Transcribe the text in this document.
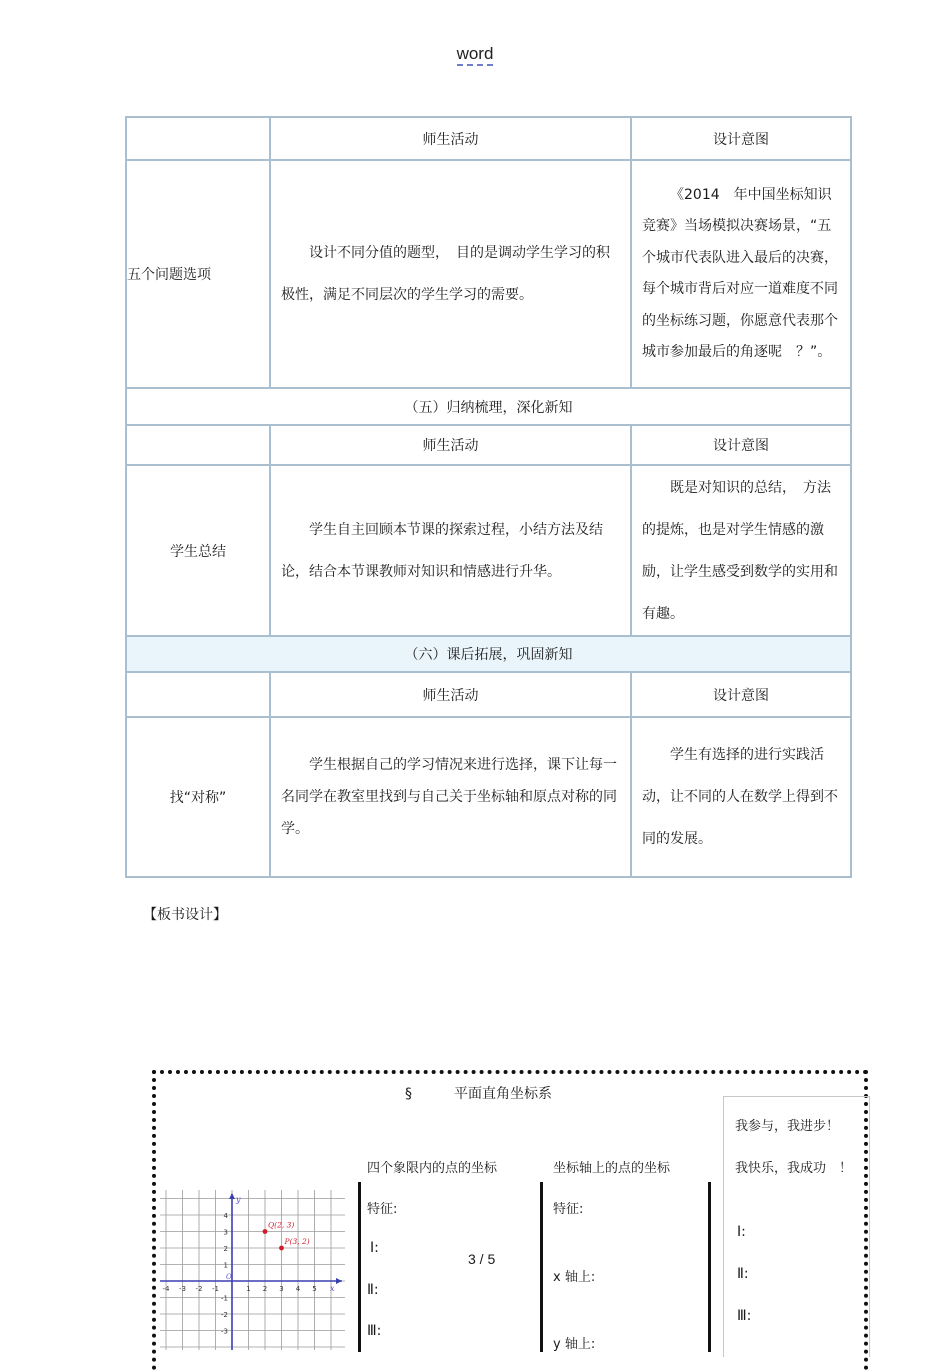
word
	师生活动	设计意图
五个问题选项	设计不同分值的题型，　目的是调动学生学习的积极性，满足不同层次的学生学习的需要。	《2014　年中国坐标知识竞赛》当场模拟决赛场景，“五个城市代表队进入最后的决赛，每个城市背后对应一道难度不同的坐标练习题，你愿意代表那个城市参加最后的角逐呢　？”。

（五）归纳梳理，深化新知		
	师生活动	设计意图
学生总结	学生自主回顾本节课的探索过程，小结方法及结论，结合本节课教师对知识和情感进行升华。	既是对知识的总结，　方法的提炼，也是对学生情感的激励，让学生感受到数学的实用和有趣。

（六）课后拓展，巩固新知		
	师生活动	设计意图
找“对称”	学生根据自己的学习情况来进行选择，课下让每一名同学在教室里找到与自己关于坐标轴和原点对称的同学。	学生有选择的进行实践活动，让不同的人在数学上得到不同的发展。
【板书设计】
§　　　平面直角坐标系
我参与，我进步！
我快乐，我成功　！
Ⅰ:
Ⅱ:
Ⅲ:
四个象限内的点的坐标
特征:
Ⅰ:
Ⅱ:
Ⅲ:
3 / 5
坐标轴上的点的坐标
特征:
x 轴上:
y 轴上:
4
3
2
1
-1
-2
-3
-4 -3 -2 -1	1 2 3 4 5
Q(2, 3)
P(3, 2)
y
x
O
